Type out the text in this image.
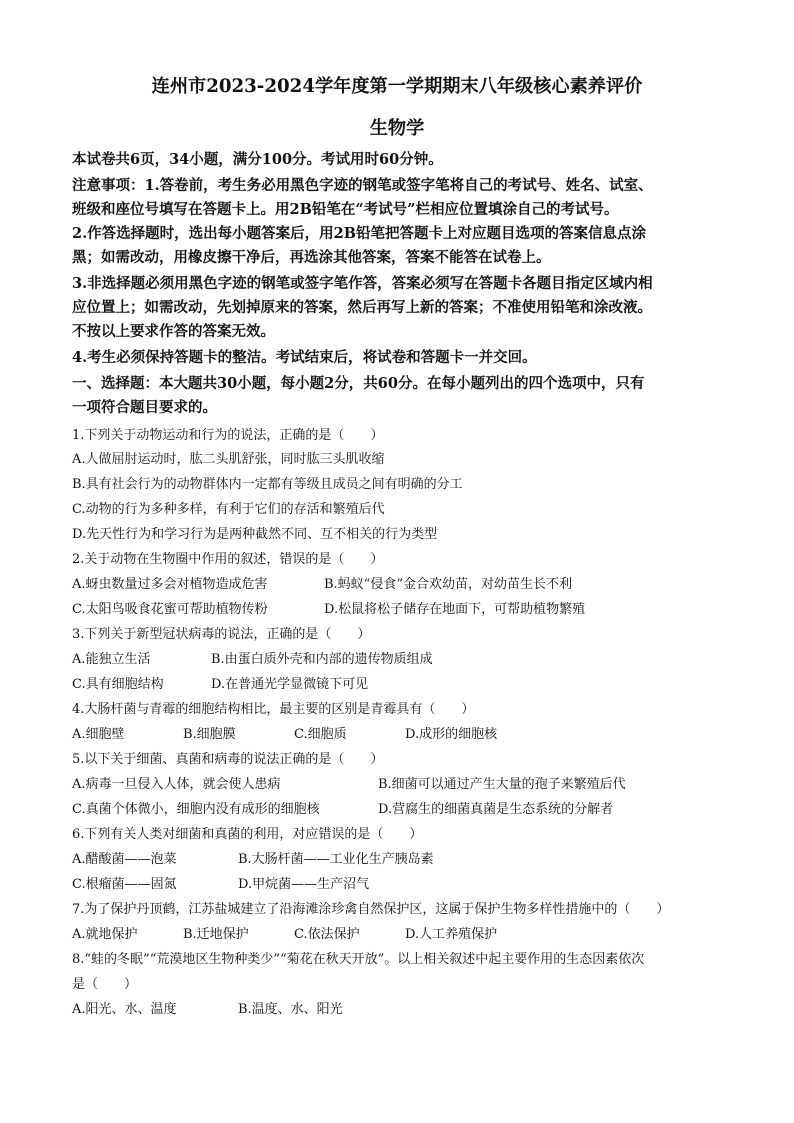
连州市2023-2024学年度第一学期期末八年级核心素养评价
生物学
本试卷共6页，34小题，满分100分。考试用时60分钟。
注意事项：1.答卷前，考生务必用黑色字迹的钢笔或签字笔将自己的考试号、姓名、试室、
班级和座位号填写在答题卡上。用2B铅笔在“考试号”栏相应位置填涂自己的考试号。
2.作答选择题时，选出每小题答案后，用2B铅笔把答题卡上对应题目选项的答案信息点涂
黑；如需改动，用橡皮擦干净后，再选涂其他答案，答案不能答在试卷上。
3.非选择题必须用黑色字迹的钢笔或签字笔作答，答案必须写在答题卡各题目指定区域内相
应位置上；如需改动，先划掉原来的答案，然后再写上新的答案；不准使用铅笔和涂改液。
不按以上要求作答的答案无效。
4.考生必须保持答题卡的整洁。考试结束后，将试卷和答题卡一并交回。
一、选择题：本大题共30小题，每小题2分，共60分。在每小题列出的四个选项中，只有
一项符合题目要求的。
1.下列关于动物运动和行为的说法，正确的是（　　）
A.人做屈肘运动时，肱二头肌舒张，同时肱三头肌收缩
B.具有社会行为的动物群体内一定都有等级且成员之间有明确的分工
C.动物的行为多种多样，有利于它们的存活和繁殖后代
D.先天性行为和学习行为是两种截然不同、互不相关的行为类型
2.关于动物在生物圈中作用的叙述，错误的是（　　）
A.蚜虫数量过多会对植物造成危害	B.蚂蚁“侵食”金合欢幼苗，对幼苗生长不利
C.太阳鸟吸食花蜜可帮助植物传粉	D.松鼠将松子储存在地面下，可帮助植物繁殖
3.下列关于新型冠状病毒的说法，正确的是（　　）
A.能独立生活	B.由蛋白质外壳和内部的遗传物质组成
C.具有细胞结构	D.在普通光学显微镜下可见
4.大肠杆菌与青霉的细胞结构相比，最主要的区别是青霉具有（　　）
A.细胞壁	B.细胞膜	C.细胞质	D.成形的细胞核
5.以下关于细菌、真菌和病毒的说法正确的是（　　）
A.病毒一旦侵入人体，就会使人患病	B.细菌可以通过产生大量的孢子来繁殖后代
C.真菌个体微小，细胞内没有成形的细胞核	D.营腐生的细菌真菌是生态系统的分解者
6.下列有关人类对细菌和真菌的利用，对应错误的是（　　）
A.醋酸菌——泡菜	B.大肠杆菌——工业化生产胰岛素
C.根瘤菌——固氮	D.甲烷菌——生产沼气
7.为了保护丹顶鹤，江苏盐城建立了沿海滩涂珍禽自然保护区，这属于保护生物多样性措施中的（　　）
A.就地保护	B.迁地保护	C.依法保护	D.人工养殖保护
8.“蛙的冬眠”“荒漠地区生物种类少”“菊花在秋天开放”。以上相关叙述中起主要作用的生态因素依次
是（　　）
A.阳光、水、温度	B.温度、水、阳光
